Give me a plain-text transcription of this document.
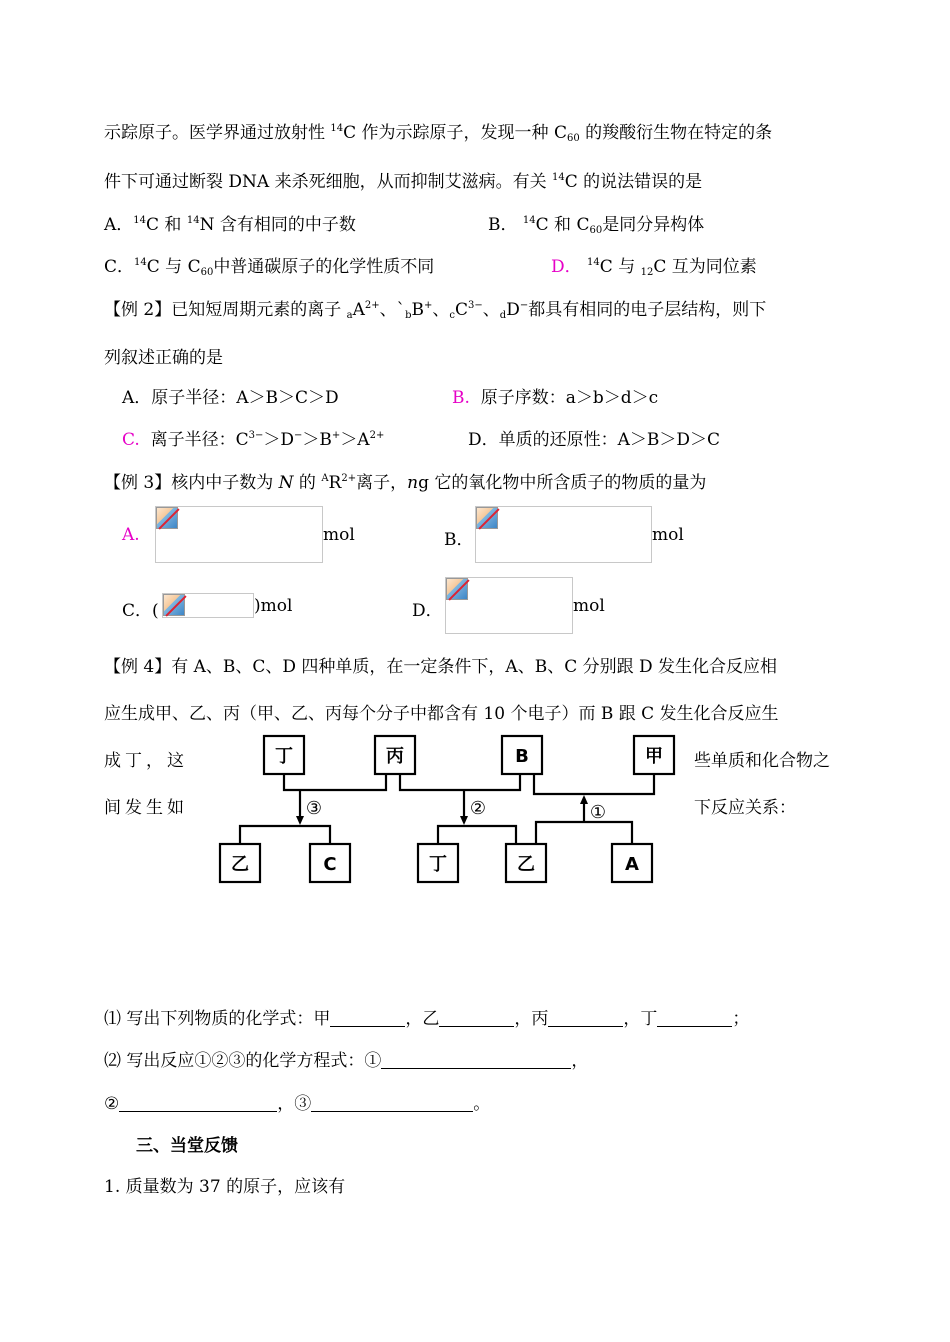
示踪原子。医学界通过放射性 $^{14}$C 作为示踪原子，发现一种 $C_{60}$ 的羧酸衍生物在特定的条
件下可通过断裂 DNA 来杀死细胞，从而抑制艾滋病。有关 $^{14}$C 的说法错误的是
A．$^{14}$C 和 $^{14}$N 含有相同的中子数	B． $^{14}$C 和 $C_{60}$是同分异构体
C．$^{14}$C 与 $C_{60}$中普通碳原子的化学性质不同	D． $^{14}$C 与 $_{12}$C 互为同位素
【例 2】已知短周期元素的离子 $_aA^{2+}$、$`_bB^+$、$_cC^{3-}$、$_d$D−都具有相同的电子层结构，则下
列叙述正确的是
A．原子半径：A＞B＞C＞D	B. 原子序数：a＞b＞d＞c
C. 离子半径：$C^{3-}>D^->B^+>A^{2+}$	D．单质的还原性：A＞B＞D＞C
【例 3】核内中子数为 N 的 $^AR^{2+}$离子，ng 它的氧化物中所含质子的物质的量为
A.	mol	B．	mol
C．(	)mol	D．	mol
【例 4】有 A、B、C、D 四种单质，在一定条件下，A、B、C 分别跟 D 发生化合反应相
应生成甲、乙、丙（甲、乙、丙每个分子中都含有 10 个电子）而 B 跟 C 发生化合反应生
成丁，这	些单质和化合物之
间发生如	下反应关系：
丁	丙	B	甲
乙	C	丁	乙	A
③	②	①
⑴ 写出下列物质的化学式：甲	，乙	，丙	，丁	；
⑵ 写出反应①②③的化学方程式：①	，
②	，③	。
三、当堂反馈
1. 质量数为 37 的原子，应该有
